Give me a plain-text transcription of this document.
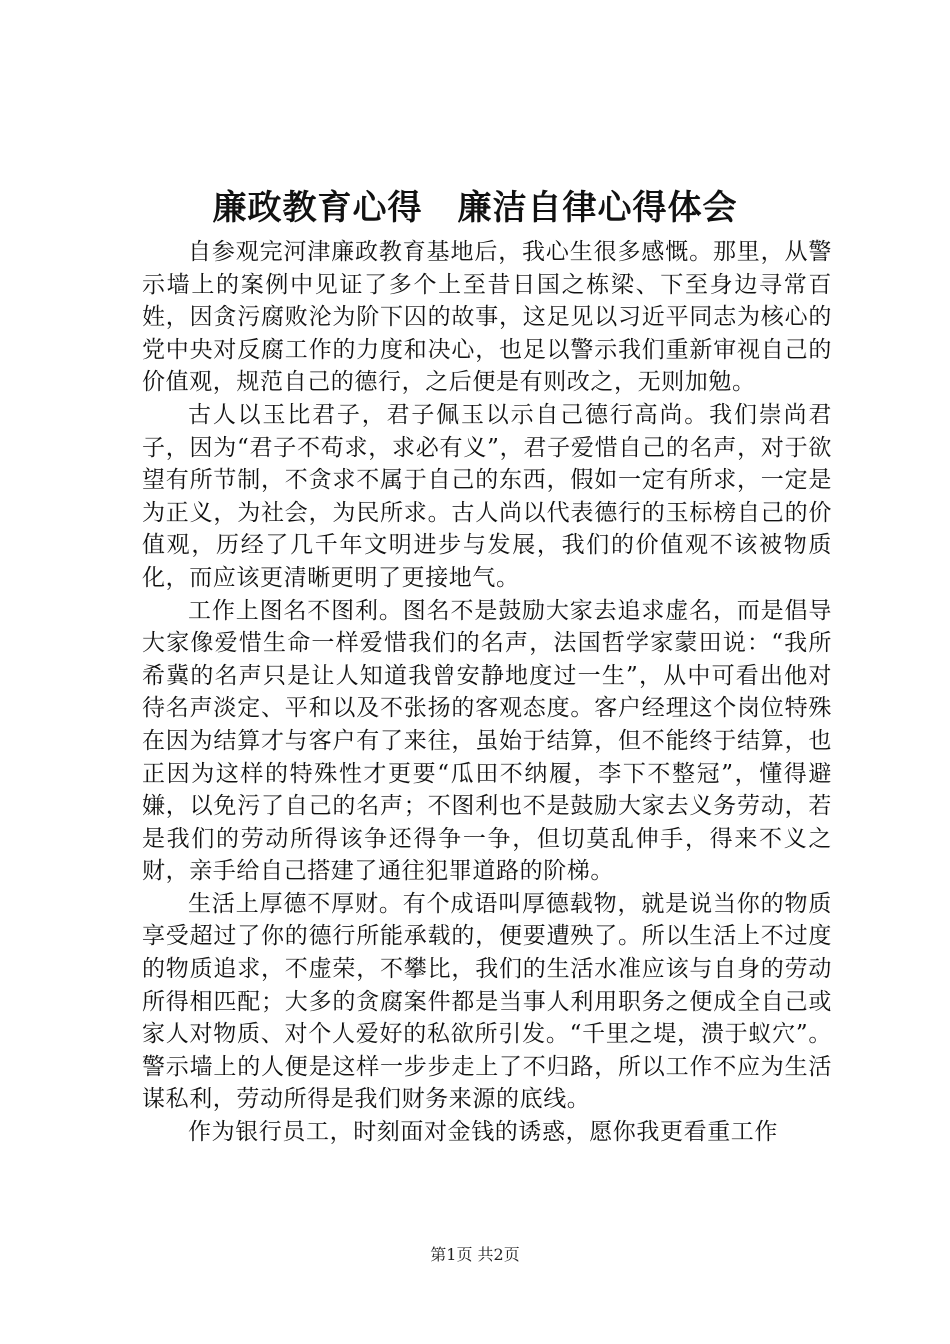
廉政教育心得　廉洁自律心得体会

自参观完河津廉政教育基地后，我心生很多感慨。那里，从警示墙上的案例中见证了多个上至昔日国之栋梁、下至身边寻常百姓，因贪污腐败沦为阶下囚的故事，这足见以习近平同志为核心的党中央对反腐工作的力度和决心，也足以警示我们重新审视自己的价值观，规范自己的德行，之后便是有则改之，无则加勉。

古人以玉比君子，君子佩玉以示自己德行高尚。我们崇尚君子，因为“君子不苟求，求必有义”，君子爱惜自己的名声，对于欲望有所节制，不贪求不属于自己的东西，假如一定有所求，一定是为正义，为社会，为民所求。古人尚以代表德行的玉标榜自己的价值观，历经了几千年文明进步与发展，我们的价值观不该被物质化，而应该更清晰更明了更接地气。

工作上图名不图利。图名不是鼓励大家去追求虚名，而是倡导大家像爱惜生命一样爱惜我们的名声，法国哲学家蒙田说：“我所希冀的名声只是让人知道我曾安静地度过一生”，从中可看出他对待名声淡定、平和以及不张扬的客观态度。客户经理这个岗位特殊在因为结算才与客户有了来往，虽始于结算，但不能终于结算，也正因为这样的特殊性才更要“瓜田不纳履，李下不整冠”，懂得避嫌，以免污了自己的名声；不图利也不是鼓励大家去义务劳动，若是我们的劳动所得该争还得争一争，但切莫乱伸手，得来不义之财，亲手给自己搭建了通往犯罪道路的阶梯。

生活上厚德不厚财。有个成语叫厚德载物，就是说当你的物质享受超过了你的德行所能承载的，便要遭殃了。所以生活上不过度的物质追求，不虚荣，不攀比，我们的生活水准应该与自身的劳动所得相匹配；大多的贪腐案件都是当事人利用职务之便成全自己或家人对物质、对个人爱好的私欲所引发。“千里之堤，溃于蚁穴”。警示墙上的人便是这样一步步走上了不归路，所以工作不应为生活谋私利，劳动所得是我们财务来源的底线。

作为银行员工，时刻面对金钱的诱惑，愿你我更看重工作

第1页 共2页
